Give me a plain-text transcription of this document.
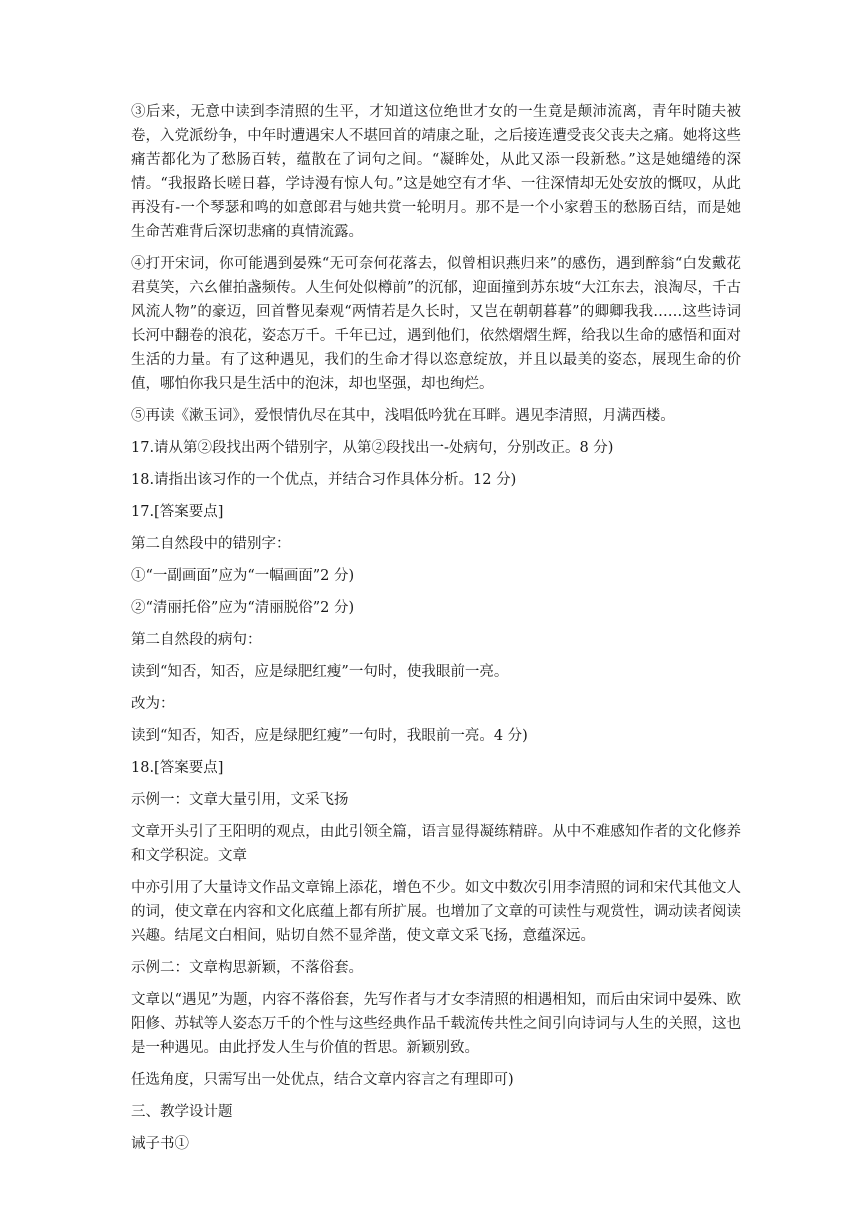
③后来，无意中读到李清照的生平，才知道这位绝世才女的一生竟是颠沛流离，青年时随夫被卷，入党派纷争，中年时遭遇宋人不堪回首的靖康之耻，之后接连遭受丧父丧夫之痛。她将这些痛苦都化为了愁肠百转，蕴散在了词句之间。“凝眸处，从此又添一段新愁。”这是她缱绻的深情。“我报路长嗟日暮，学诗漫有惊人句。”这是她空有才华、一往深情却无处安放的慨叹，从此再没有-一个琴瑟和鸣的如意郎君与她共赏一轮明月。那不是一个小家碧玉的愁肠百结，而是她生命苦难背后深切悲痛的真情流露。

④打开宋词，你可能遇到晏殊“无可奈何花落去，似曾相识燕归来”的感伤，遇到醉翁“白发戴花君莫笑，六幺催拍盏频传。人生何处似樽前”的沉郁，迎面撞到苏东坡“大江东去，浪淘尽，千古风流人物”的豪迈，回首瞥见秦观“两情若是久长时，又岂在朝朝暮暮”的卿卿我我……这些诗词长河中翻卷的浪花，姿态万千。千年已过，遇到他们，依然熠熠生辉，给我以生命的感悟和面对生活的力量。有了这种遇见，我们的生命才得以恣意绽放，并且以最美的姿态，展现生命的价值，哪怕你我只是生活中的泡沫，却也坚强，却也绚烂。

⑤再读《漱玉词》，爱恨情仇尽在其中，浅唱低吟犹在耳畔。遇见李清照，月满西楼。

17.请从第②段找出两个错别字，从第②段找出一-处病句，分别改正。8 分)

18.请指出该习作的一个优点，并结合习作具体分析。12 分)

17.[答案要点]

第二自然段中的错别字：

①“一副画面”应为“一幅画面”2 分)

②“清丽托俗”应为“清丽脱俗”2 分)

第二自然段的病句：

读到“知否，知否，应是绿肥红瘦”一句时，使我眼前一亮。

改为：

读到“知否，知否，应是绿肥红瘦”一句时，我眼前一亮。4 分)

18.[答案要点]

示例一：文章大量引用，文采飞扬

文章开头引了王阳明的观点，由此引领全篇，语言显得凝练精辟。从中不难感知作者的文化修养和文学积淀。文章

中亦引用了大量诗文作品文章锦上添花，增色不少。如文中数次引用李清照的词和宋代其他文人的词，使文章在内容和文化底蕴上都有所扩展。也增加了文章的可读性与观赏性，调动读者阅读兴趣。结尾文白相间，贴切自然不显斧凿，使文章文采飞扬，意蕴深远。

示例二：文章构思新颖，不落俗套。

文章以“遇见”为题，内容不落俗套，先写作者与才女李清照的相遇相知，而后由宋词中晏殊、欧阳修、苏轼等人姿态万千的个性与这些经典作品千载流传共性之间引向诗词与人生的关照，这也是一种遇见。由此抒发人生与价值的哲思。新颖别致。

任选角度，只需写出一处优点，结合文章内容言之有理即可)

三、教学设计题

诫子书①
